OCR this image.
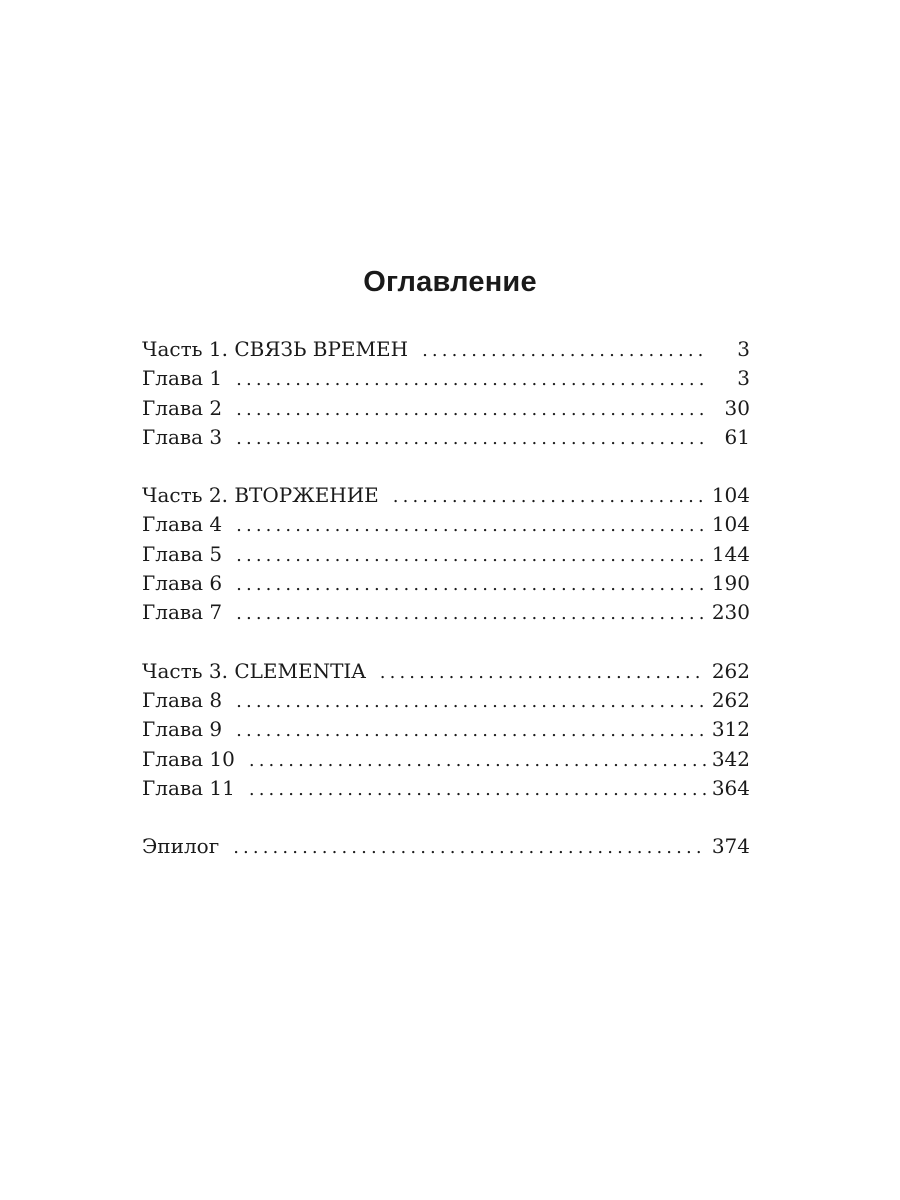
Оглавление
Часть 1. СВЯЗЬ ВРЕМЕН . . .	3
Глава 1 . . .	3
Глава 2 . . .	30
Глава 3 . . .	61
Часть 2. ВТОРЖЕНИЕ . . .	104
Глава 4 . . .	104
Глава 5 . . .	144
Глава 6 . . .	190
Глава 7 . . .	230
Часть 3. CLEMENTIA . . .	262
Глава 8 . . .	262
Глава 9 . . .	312
Глава 10 . . .	342
Глава 11 . . .	364
Эпилог . . .	374
